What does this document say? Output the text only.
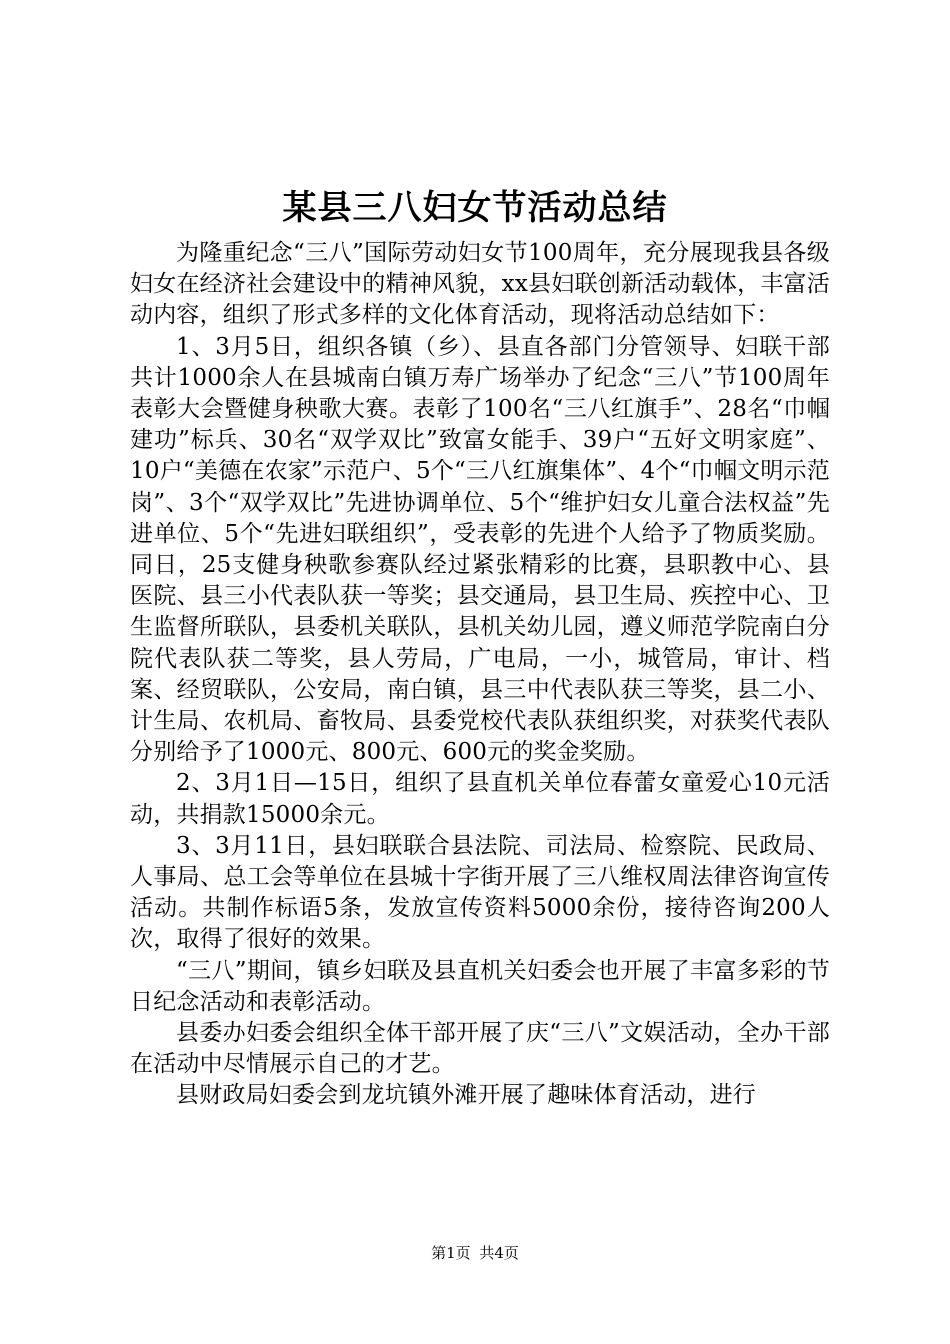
某县三八妇女节活动总结

为隆重纪念“三八”国际劳动妇女节100周年，充分展现我县各级妇女在经济社会建设中的精神风貌，xx县妇联创新活动载体，丰富活动内容，组织了形式多样的文化体育活动，现将活动总结如下：

1、3月5日，组织各镇（乡）、县直各部门分管领导、妇联干部共计1000余人在县城南白镇万寿广场举办了纪念“三八”节100周年表彰大会暨健身秧歌大赛。表彰了100名“三八红旗手”、28名“巾帼建功”标兵、30名“双学双比”致富女能手、39户“五好文明家庭”、10户“美德在农家”示范户、5个“三八红旗集体”、4个“巾帼文明示范岗”、3个“双学双比”先进协调单位、5个“维护妇女儿童合法权益”先进单位、5个“先进妇联组织”，受表彰的先进个人给予了物质奖励。同日，25支健身秧歌参赛队经过紧张精彩的比赛，县职教中心、县医院、县三小代表队获一等奖；县交通局，县卫生局、疾控中心、卫生监督所联队，县委机关联队，县机关幼儿园，遵义师范学院南白分院代表队获二等奖，县人劳局，广电局，一小，城管局，审计、档案、经贸联队，公安局，南白镇，县三中代表队获三等奖，县二小、计生局、农机局、畜牧局、县委党校代表队获组织奖，对获奖代表队分别给予了1000元、800元、600元的奖金奖励。

2、3月1日—15日，组织了县直机关单位春蕾女童爱心10元活动，共捐款15000余元。

3、3月11日，县妇联联合县法院、司法局、检察院、民政局、人事局、总工会等单位在县城十字街开展了三八维权周法律咨询宣传活动。共制作标语5条，发放宣传资料5000余份，接待咨询200人次，取得了很好的效果。

“三八”期间，镇乡妇联及县直机关妇委会也开展了丰富多彩的节日纪念活动和表彰活动。

县委办妇委会组织全体干部开展了庆“三八”文娱活动，全办干部在活动中尽情展示自己的才艺。

县财政局妇委会到龙坑镇外滩开展了趣味体育活动，进行

第1页 共4页
